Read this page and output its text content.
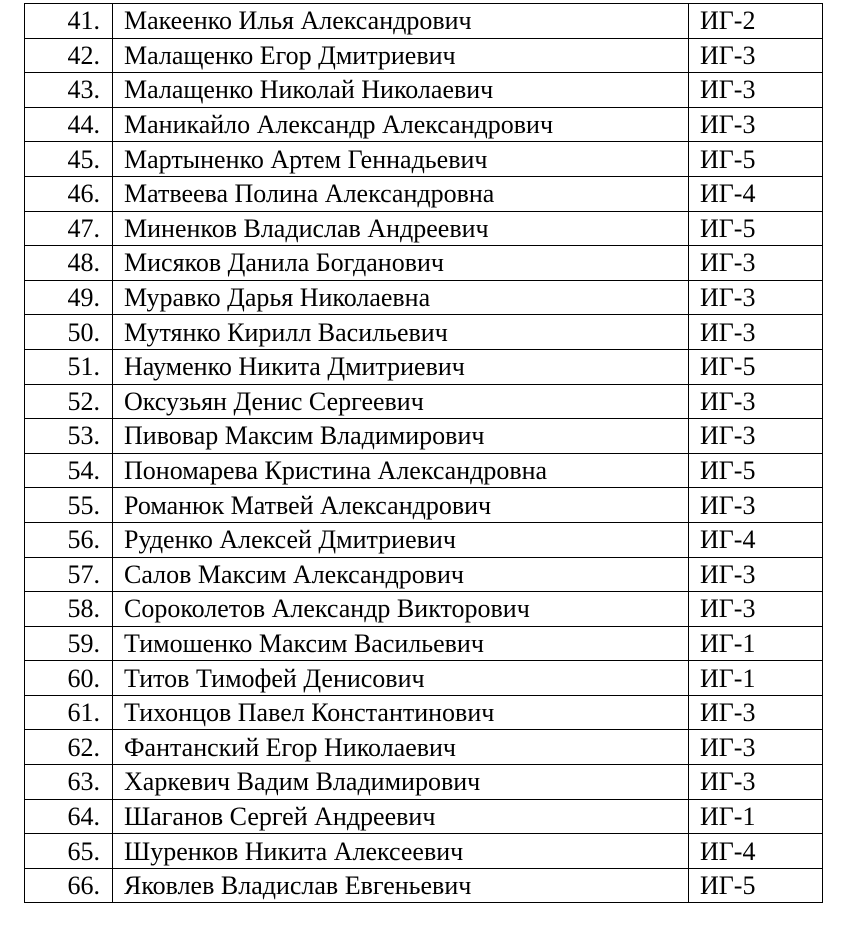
41.	Макеенко Илья Александрович	ИГ-2
42.	Малащенко Егор Дмитриевич	ИГ-3
43.	Малащенко Николай Николаевич	ИГ-3
44.	Маникайло Александр Александрович	ИГ-3
45.	Мартыненко Артем Геннадьевич	ИГ-5
46.	Матвеева Полина Александровна	ИГ-4
47.	Миненков Владислав Андреевич	ИГ-5
48.	Мисяков Данила Богданович	ИГ-3
49.	Муравко Дарья Николаевна	ИГ-3
50.	Мутянко Кирилл Васильевич	ИГ-3
51.	Науменко Никита Дмитриевич	ИГ-5
52.	Оксузьян Денис Сергеевич	ИГ-3
53.	Пивовар Максим Владимирович	ИГ-3
54.	Пономарева Кристина Александровна	ИГ-5
55.	Романюк Матвей Александрович	ИГ-3
56.	Руденко Алексей Дмитриевич	ИГ-4
57.	Салов Максим Александрович	ИГ-3
58.	Сороколетов Александр Викторович	ИГ-3
59.	Тимошенко Максим Васильевич	ИГ-1
60.	Титов Тимофей Денисович	ИГ-1
61.	Тихонцов Павел Константинович	ИГ-3
62.	Фантанский Егор Николаевич	ИГ-3
63.	Харкевич Вадим Владимирович	ИГ-3
64.	Шаганов Сергей Андреевич	ИГ-1
65.	Шуренков Никита Алексеевич	ИГ-4
66.	Яковлев Владислав Евгеньевич	ИГ-5
